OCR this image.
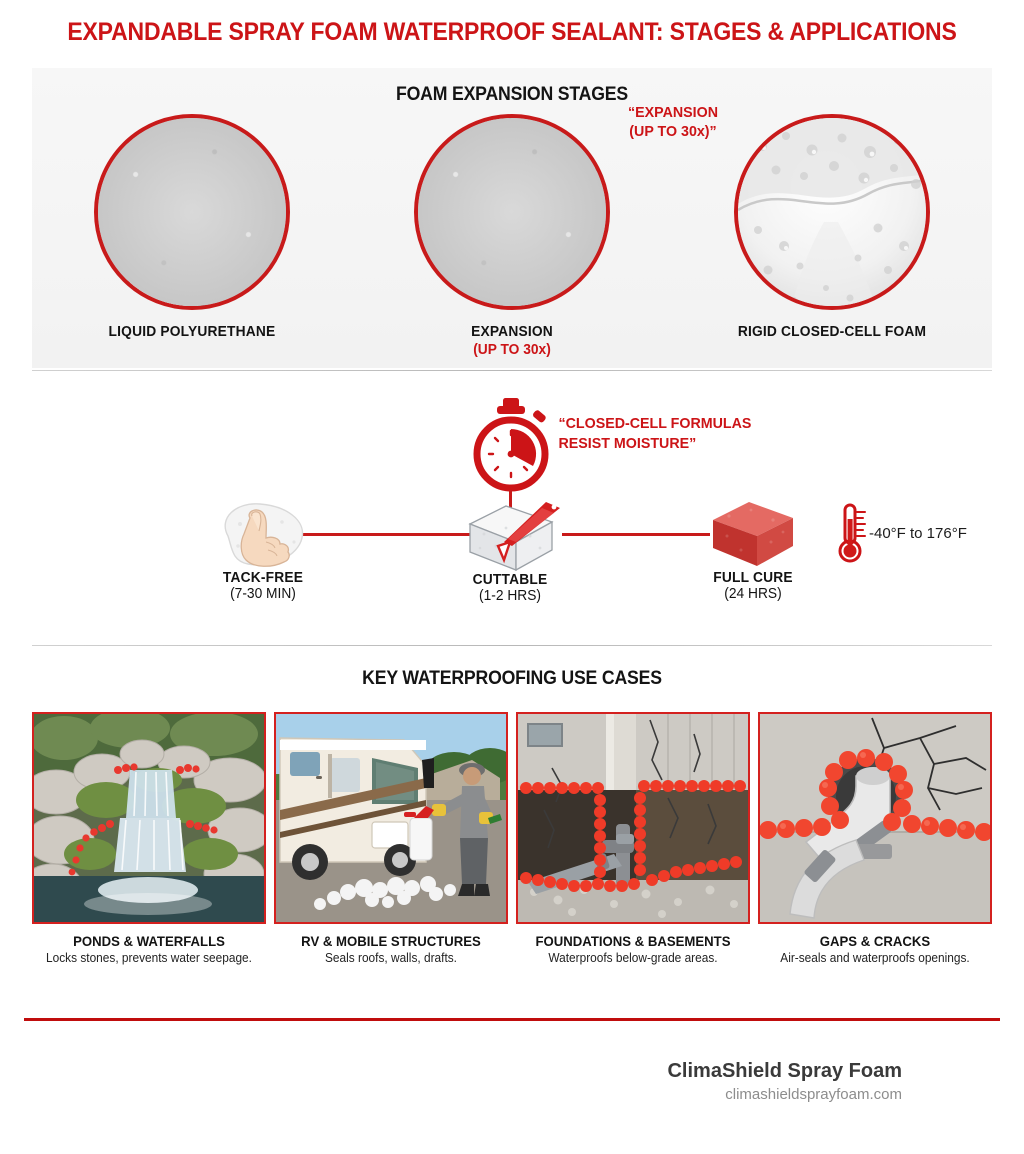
EXPANDABLE SPRAY FOAM WATERPROOF SEALANT: STAGES & APPLICATIONS
FOAM EXPANSION STAGES
LIQUID POLYURETHANE	EXPANSION
(UP TO 30x)
“EXPANSION
(UP TO 30x)”
RIGID CLOSED-CELL FOAM
“CLOSED-CELL FORMULAS
RESIST MOISTURE”
TACK-FREE
(7-30 MIN)
CUTTABLE
(1-2 HRS)
FULL CURE
(24 HRS)
-40°F to 176°F
KEY WATERPROOFING USE CASES
PONDS & WATERFALLS
Locks stones, prevents water seepage.
RV & MOBILE STRUCTURES
Seals roofs, walls, drafts.
FOUNDATIONS & BASEMENTS
Waterproofs below-grade areas.
GAPS & CRACKS
Air-seals and waterproofs openings.
ClimaShield Spray Foam
climashieldsprayfoam.com
